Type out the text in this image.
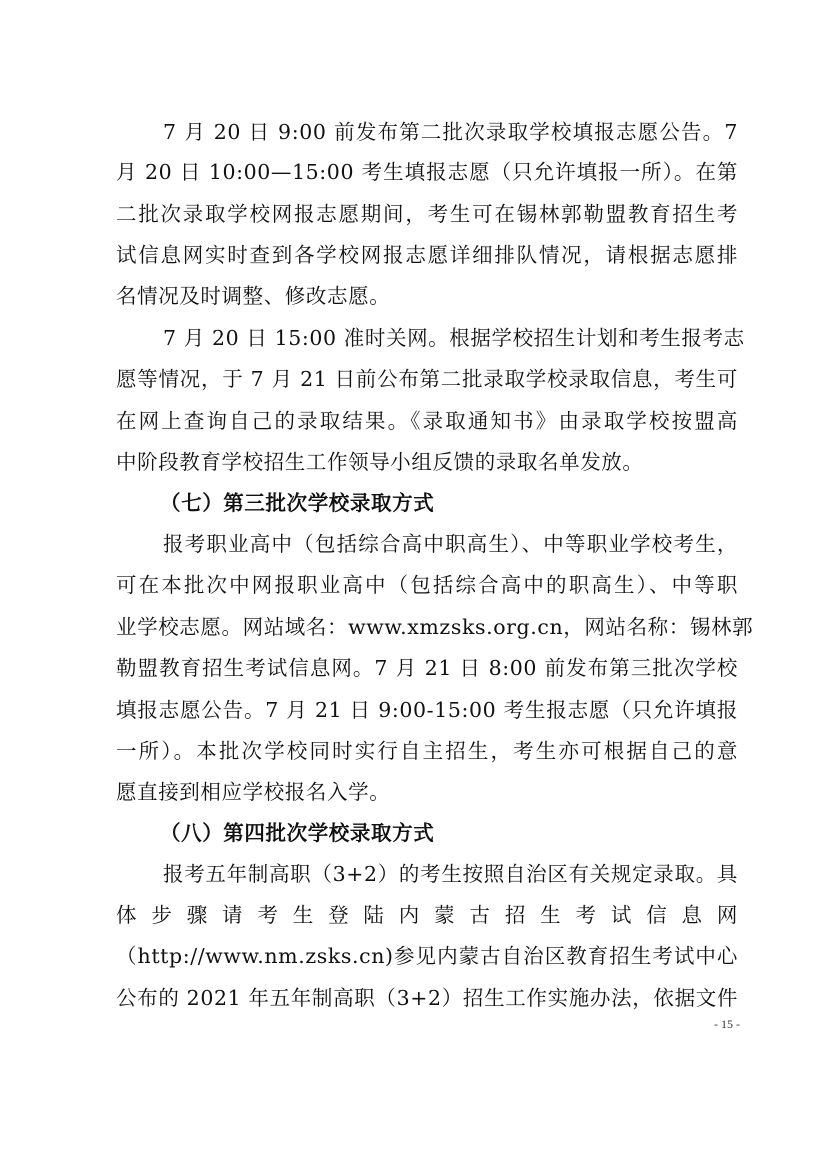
7 月 20 日 9:00 前发布第二批次录取学校填报志愿公告。7
月 20 日 10:00—15:00 考生填报志愿（只允许填报一所）。在第
二批次录取学校网报志愿期间，考生可在锡林郭勒盟教育招生考
试信息网实时查到各学校网报志愿详细排队情况，请根据志愿排
名情况及时调整、修改志愿。
7 月 20 日 15:00 准时关网。根据学校招生计划和考生报考志
愿等情况，于 7 月 21 日前公布第二批录取学校录取信息，考生可
在网上查询自己的录取结果。《录取通知书》由录取学校按盟高
中阶段教育学校招生工作领导小组反馈的录取名单发放。
（七）第三批次学校录取方式
报考职业高中（包括综合高中职高生）、中等职业学校考生，
可在本批次中网报职业高中（包括综合高中的职高生）、中等职
业学校志愿。网站域名：www.xmzsks.org.cn，网站名称：锡林郭
勒盟教育招生考试信息网。7 月 21 日 8:00 前发布第三批次学校
填报志愿公告。7 月 21 日 9:00-15:00 考生报志愿（只允许填报
一所）。本批次学校同时实行自主招生，考生亦可根据自己的意
愿直接到相应学校报名入学。
（八）第四批次学校录取方式
报考五年制高职（3+2）的考生按照自治区有关规定录取。具
体 步 骤 请 考 生 登 陆 内 蒙 古 招 生 考 试 信 息 网
（http://www.nm.zsks.cn)参见内蒙古自治区教育招生考试中心
公布的 2021 年五年制高职（3+2）招生工作实施办法，依据文件
- 15 -
